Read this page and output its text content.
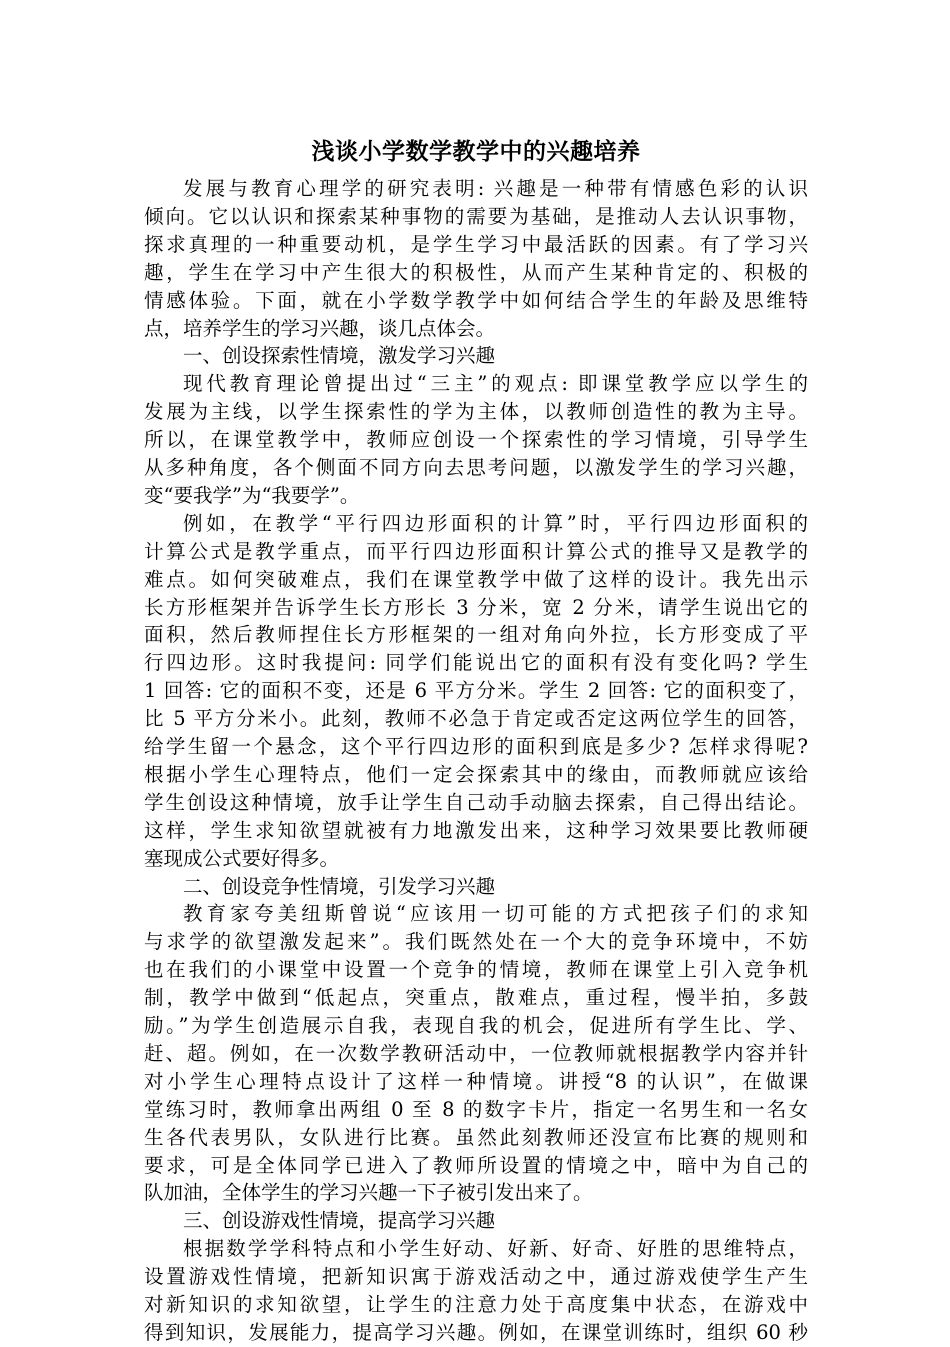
浅谈小学数学教学中的兴趣培养
发展与教育心理学的研究表明: 兴趣是一种带有情感色彩的认识
倾向。它以认识和探索某种事物的需要为基础，是推动人去认识事物，
探求真理的一种重要动机，是学生学习中最活跃的因素。有了学习兴
趣，学生在学习中产生很大的积极性，从而产生某种肯定的、积极的
情感体验。下面，就在小学数学教学中如何结合学生的年龄及思维特
点，培养学生的学习兴趣，谈几点体会。
一、创设探索性情境，激发学习兴趣
现代教育理论曾提出过“三主”的观点: 即课堂教学应以学生的
发展为主线，以学生探索性的学为主体，以教师创造性的教为主导。
所以，在课堂教学中，教师应创设一个探索性的学习情境，引导学生
从多种角度，各个侧面不同方向去思考问题，以激发学生的学习兴趣，
变“要我学”为“我要学”。
例如，在教学“平行四边形面积的计算”时，平行四边形面积的
计算公式是教学重点，而平行四边形面积计算公式的推导又是教学的
难点。如何突破难点，我们在课堂教学中做了这样的设计。我先出示
长方形框架并告诉学生长方形长 3 分米，宽 2 分米，请学生说出它的
面积，然后教师捏住长方形框架的一组对角向外拉，长方形变成了平
行四边形。这时我提问: 同学们能说出它的面积有没有变化吗? 学生
1 回答: 它的面积不变，还是 6 平方分米。学生 2 回答: 它的面积变了，
比 5 平方分米小。此刻，教师不必急于肯定或否定这两位学生的回答，
给学生留一个悬念，这个平行四边形的面积到底是多少? 怎样求得呢?
根据小学生心理特点，他们一定会探索其中的缘由，而教师就应该给
学生创设这种情境，放手让学生自己动手动脑去探索，自己得出结论。
这样，学生求知欲望就被有力地激发出来，这种学习效果要比教师硬
塞现成公式要好得多。
二、创设竞争性情境，引发学习兴趣
教育家夸美纽斯曾说“应该用一切可能的方式把孩子们的求知
与求学的欲望激发起来”。我们既然处在一个大的竞争环境中，不妨
也在我们的小课堂中设置一个竞争的情境，教师在课堂上引入竞争机
制，教学中做到“低起点，突重点，散难点，重过程，慢半拍，多鼓
励。”为学生创造展示自我，表现自我的机会，促进所有学生比、学、
赶、超。例如，在一次数学教研活动中，一位教师就根据教学内容并针
对小学生心理特点设计了这样一种情境。讲授“8 的认识”，在做课
堂练习时，教师拿出两组 0 至 8 的数字卡片，指定一名男生和一名女
生各代表男队，女队进行比赛。虽然此刻教师还没宣布比赛的规则和
要求，可是全体同学已进入了教师所设置的情境之中，暗中为自己的
队加油，全体学生的学习兴趣一下子被引发出来了。
三、创设游戏性情境，提高学习兴趣
根据数学学科特点和小学生好动、好新、好奇、好胜的思维特点，
设置游戏性情境，把新知识寓于游戏活动之中，通过游戏使学生产生
对新知识的求知欲望，让学生的注意力处于高度集中状态，在游戏中
得到知识，发展能力，提高学习兴趣。例如，在课堂训练时，组织 60 秒
